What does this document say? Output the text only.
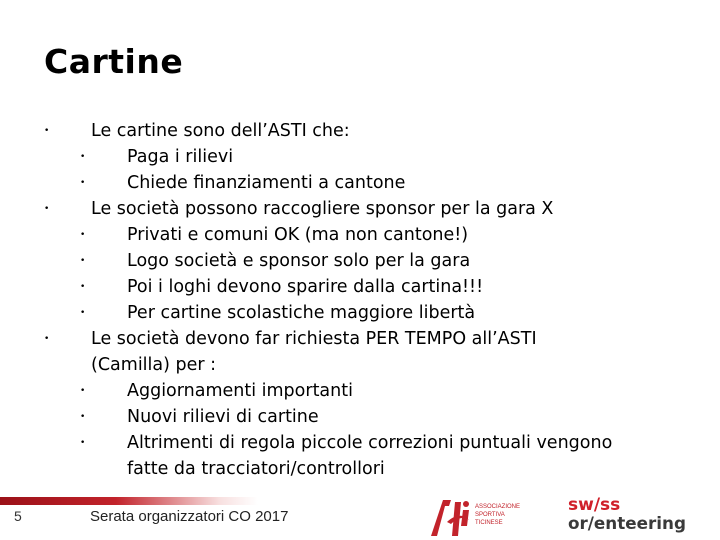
Cartine
• Le cartine sono dell’ASTI che:
• Paga i rilievi
• Chiede finanziamenti a cantone
• Le società possono raccogliere sponsor per la gara X
• Privati e comuni OK (ma non cantone!)
• Logo società e sponsor solo per la gara
• Poi i loghi devono sparire dalla cartina!!!
• Per cartine scolastiche maggiore libertà
• Le società devono far richiesta PER TEMPO all’ASTI
(Camilla) per :
• Aggiornamenti importanti
• Nuovi rilievi di cartine
• Altrimenti di regola piccole correzioni puntuali vengono
fatte da tracciatori/controllori
5	Serata organizzatori CO 2017
ASSOCIAZIONE
SPORTIVA
TICINESE
sw/ss
or/enteering
